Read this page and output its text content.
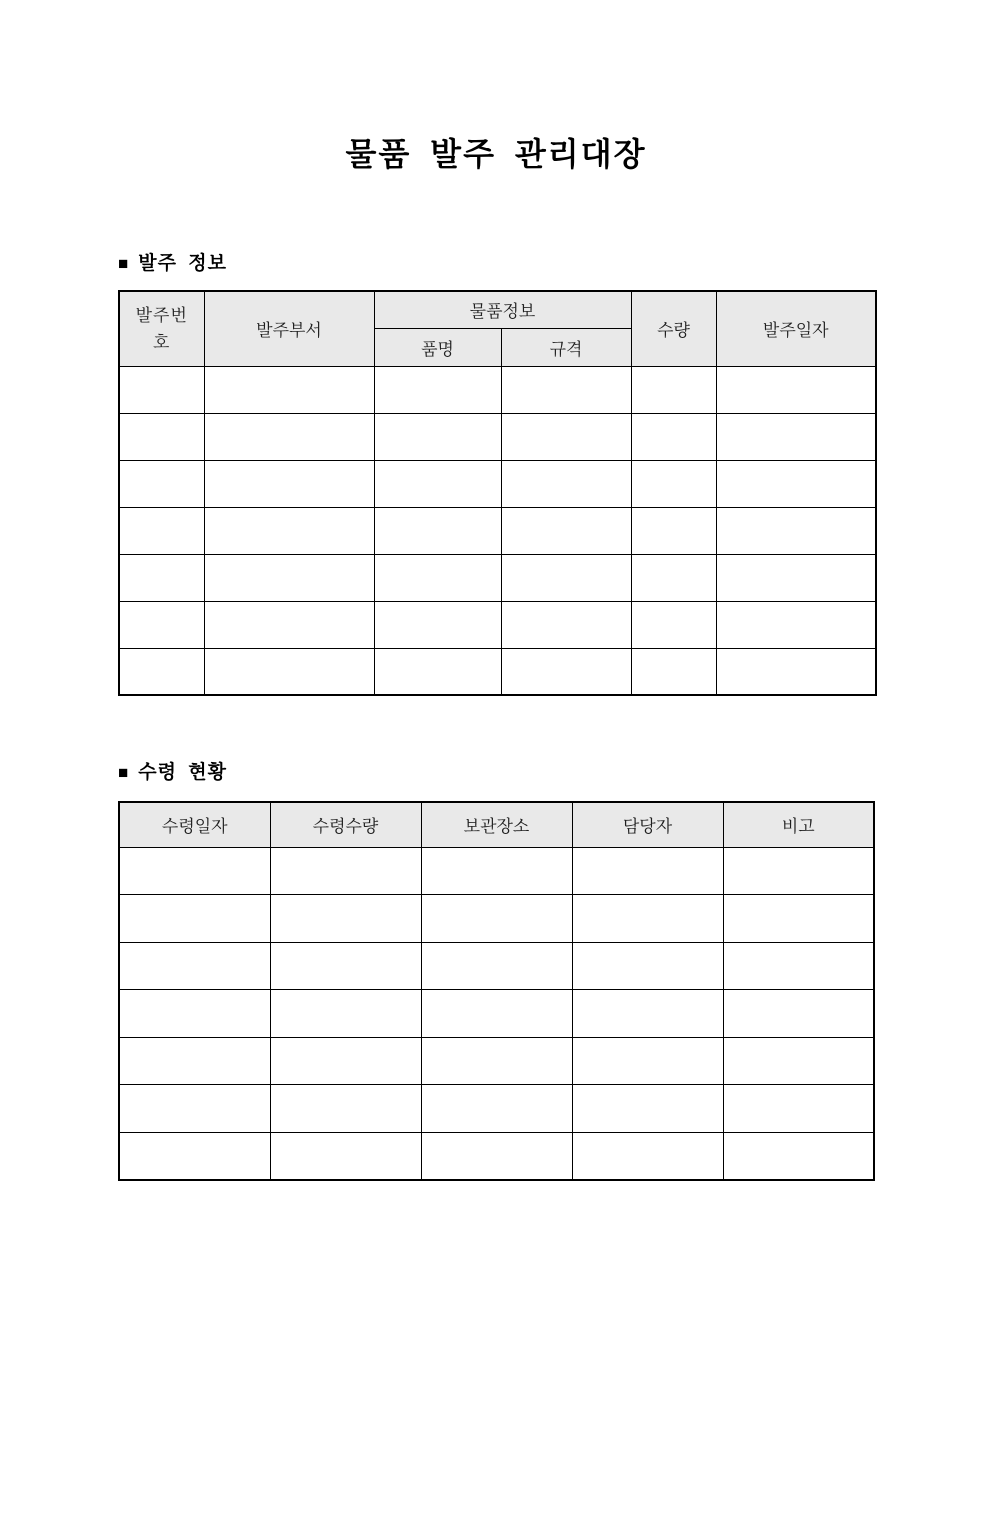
물품 발주 관리대장
■ 발주 정보
발주번호	발주부서	물품정보		수량	발주일자
		품명	규격		

■ 수령 현황
수령일자	수령수량	보관장소	담당자	비고
